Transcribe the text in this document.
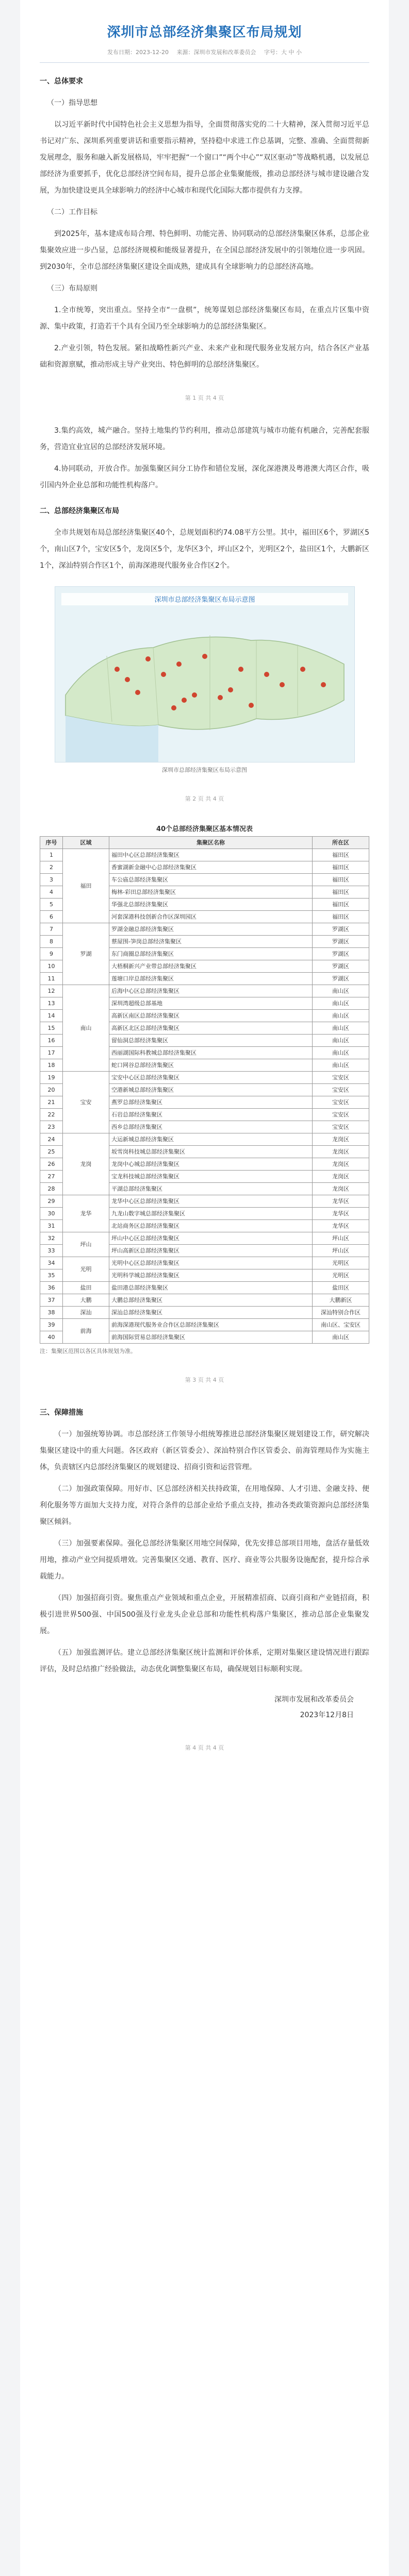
深圳市总部经济集聚区布局规划
发布日期：2023-12-20 来源：深圳市发展和改革委员会 字号：大 中 小

一、总体要求

（一）指导思想

以习近平新时代中国特色社会主义思想为指导，全面贯彻落实党的二十大精神，深入贯彻习近平总书记对广东、深圳系列重要讲话和重要指示精神，坚持稳中求进工作总基调，完整、准确、全面贯彻新发展理念，服务和融入新发展格局，牢牢把握“一个窗口”“两个中心”“双区驱动”等战略机遇，以发展总部经济为重要抓手，优化总部经济空间布局，提升总部企业集聚能级，推动总部经济与城市建设融合发展，为加快建设更具全球影响力的经济中心城市和现代化国际大都市提供有力支撑。

（二）工作目标

到2025年，基本建成布局合理、特色鲜明、功能完善、协同联动的总部经济集聚区体系，总部企业集聚效应进一步凸显，总部经济规模和能级显著提升，在全国总部经济发展中的引领地位进一步巩固。到2030年，全市总部经济集聚区建设全面成熟，建成具有全球影响力的总部经济高地。

（三）布局原则

1.全市统筹，突出重点。坚持全市“一盘棋”，统筹谋划总部经济集聚区布局，在重点片区集中资源、集中政策，打造若干个具有全国乃至全球影响力的总部经济集聚区。

2.产业引领，特色发展。紧扣战略性新兴产业、未来产业和现代服务业发展方向，结合各区产业基础和资源禀赋，推动形成主导产业突出、特色鲜明的总部经济集聚区。

第 1 页 共 4 页

3.集约高效，城产融合。坚持土地集约节约利用，推动总部建筑与城市功能有机融合，完善配套服务，营造宜业宜居的总部经济发展环境。

4.协同联动，开放合作。加强集聚区间分工协作和错位发展，深化深港澳及粤港澳大湾区合作，吸引国内外企业总部和功能性机构落户。

二、总部经济集聚区布局

全市共规划布局总部经济集聚区40个，总规划面积约74.08平方公里。其中，福田区6个，罗湖区5个，南山区7个，宝安区5个，龙岗区5个，龙华区3个，坪山区2个，光明区2个，盐田区1个，大鹏新区1个，深汕特别合作区1个，前海深港现代服务业合作区2个。

深圳市总部经济集聚区布局示意图
深圳市总部经济集聚区布局示意图
第 2 页 共 4 页
40个总部经济集聚区基本情况表
序号	区域	集聚区名称	所在区
1	福田	福田中心区总部经济集聚区	福田区
2		香蜜湖新金融中心总部经济集聚区	福田区
3		车公庙总部经济集聚区	福田区
4		梅林-彩田总部经济集聚区	福田区
5		华强北总部经济集聚区	福田区
6		河套深港科技创新合作区深圳园区	福田区
7	罗湖	罗湖金融总部经济集聚区	罗湖区
8		蔡屋围-笋岗总部经济集聚区	罗湖区
9		东门商圈总部经济集聚区	罗湖区
10		大梧桐新兴产业带总部经济集聚区	罗湖区
11		莲塘口岸总部经济集聚区	罗湖区
12	南山	后海中心区总部经济集聚区	南山区
13		深圳湾超级总部基地	南山区
14		高新区南区总部经济集聚区	南山区
15		高新区北区总部经济集聚区	南山区
16		留仙洞总部经济集聚区	南山区
17		西丽湖国际科教城总部经济集聚区	南山区
18		蛇口网谷总部经济集聚区	南山区
19	宝安	宝安中心区总部经济集聚区	宝安区
20		空港新城总部经济集聚区	宝安区
21		燕罗总部经济集聚区	宝安区
22		石岩总部经济集聚区	宝安区
23		西乡总部经济集聚区	宝安区
24	龙岗	大运新城总部经济集聚区	龙岗区
25		坂雪岗科技城总部经济集聚区	龙岗区
26		龙岗中心城总部经济集聚区	龙岗区
27		宝龙科技城总部经济集聚区	龙岗区
28		平湖总部经济集聚区	龙岗区
29	龙华	龙华中心区总部经济集聚区	龙华区
30		九龙山数字城总部经济集聚区	龙华区
31		北站商务区总部经济集聚区	龙华区
32	坪山	坪山中心区总部经济集聚区	坪山区
33		坪山高新区总部经济集聚区	坪山区
34	光明	光明中心区总部经济集聚区	光明区
35		光明科学城总部经济集聚区	光明区
36	盐田	盐田港总部经济集聚区	盐田区
37	大鹏	大鹏总部经济集聚区	大鹏新区
38	深汕	深汕总部经济集聚区	深汕特别合作区
39	前海	前海深港现代服务业合作区总部经济集聚区	南山区、宝安区
40		前海国际贸易总部经济集聚区	南山区
注：集聚区范围以各区具体规划为准。
第 3 页 共 4 页

三、保障措施

（一）加强统筹协调。市总部经济工作领导小组统筹推进总部经济集聚区规划建设工作，研究解决集聚区建设中的重大问题。各区政府（新区管委会）、深汕特别合作区管委会、前海管理局作为实施主体，负责辖区内总部经济集聚区的规划建设、招商引资和运营管理。

（二）加强政策保障。用好市、区总部经济相关扶持政策，在用地保障、人才引进、金融支持、便利化服务等方面加大支持力度，对符合条件的总部企业给予重点支持，推动各类政策资源向总部经济集聚区倾斜。

（三）加强要素保障。强化总部经济集聚区用地空间保障，优先安排总部项目用地，盘活存量低效用地，推动产业空间提质增效。完善集聚区交通、教育、医疗、商业等公共服务设施配套，提升综合承载能力。

（四）加强招商引资。聚焦重点产业领域和重点企业，开展精准招商、以商引商和产业链招商，积极引进世界500强、中国500强及行业龙头企业总部和功能性机构落户集聚区，推动总部企业集聚发展。

（五）加强监测评估。建立总部经济集聚区统计监测和评价体系，定期对集聚区建设情况进行跟踪评估，及时总结推广经验做法，动态优化调整集聚区布局，确保规划目标顺利实现。

深圳市发展和改革委员会
2023年12月8日
第 4 页 共 4 页
